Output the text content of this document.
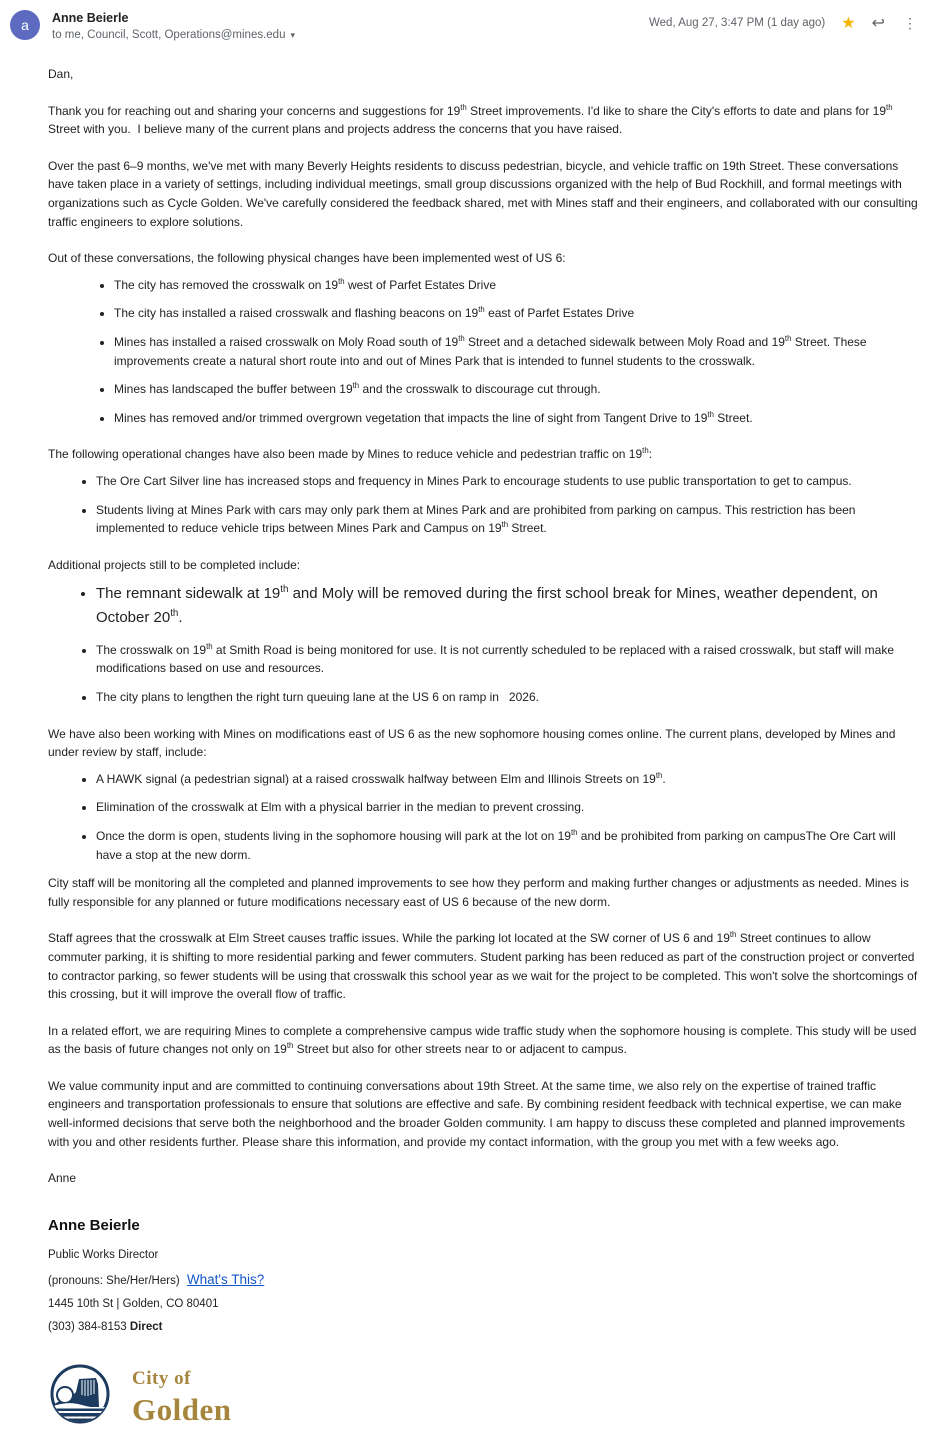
a Anne Beierle
to me, Council, Scott, Operations@mines.edu ▾
Wed, Aug 27, 3:47 PM (1 day ago) ★ ↩ ⋮

Dan,

Thank you for reaching out and sharing your concerns and suggestions for 19th Street improvements. I'd like to share the City's efforts to date and plans for 19th Street with you.  I believe many of the current plans and projects address the concerns that you have raised.

Over the past 6–9 months, we've met with many Beverly Heights residents to discuss pedestrian, bicycle, and vehicle traffic on 19th Street. These conversations have taken place in a variety of settings, including individual meetings, small group discussions organized with the help of Bud Rockhill, and formal meetings with organizations such as Cycle Golden. We've carefully considered the feedback shared, met with Mines staff and their engineers, and collaborated with our consulting traffic engineers to explore solutions.

Out of these conversations, the following physical changes have been implemented west of US 6:

• The city has removed the crosswalk on 19th west of Parfet Estates Drive
• The city has installed a raised crosswalk and flashing beacons on 19th east of Parfet Estates Drive
• Mines has installed a raised crosswalk on Moly Road south of 19th Street and a detached sidewalk between Moly Road and 19th Street. These improvements create a natural short route into and out of Mines Park that is intended to funnel students to the crosswalk.
• Mines has landscaped the buffer between 19th and the crosswalk to discourage cut through.
• Mines has removed and/or trimmed overgrown vegetation that impacts the line of sight from Tangent Drive to 19th Street.

The following operational changes have also been made by Mines to reduce vehicle and pedestrian traffic on 19th:

• The Ore Cart Silver line has increased stops and frequency in Mines Park to encourage students to use public transportation to get to campus.
• Students living at Mines Park with cars may only park them at Mines Park and are prohibited from parking on campus. This restriction has been implemented to reduce vehicle trips between Mines Park and Campus on 19th Street.

Additional projects still to be completed include:

• The remnant sidewalk at 19th and Moly will be removed during the first school break for Mines, weather dependent, on October 20th.
• The crosswalk on 19th at Smith Road is being monitored for use. It is not currently scheduled to be replaced with a raised crosswalk, but staff will make modifications based on use and resources.
• The city plans to lengthen the right turn queuing lane at the US 6 on ramp in   2026.

We have also been working with Mines on modifications east of US 6 as the new sophomore housing comes online. The current plans, developed by Mines and under review by staff, include:

• A HAWK signal (a pedestrian signal) at a raised crosswalk halfway between Elm and Illinois Streets on 19th.
• Elimination of the crosswalk at Elm with a physical barrier in the median to prevent crossing.
• Once the dorm is open, students living in the sophomore housing will park at the lot on 19th and be prohibited from parking on campusThe Ore Cart will have a stop at the new dorm.

City staff will be monitoring all the completed and planned improvements to see how they perform and making further changes or adjustments as needed. Mines is fully responsible for any planned or future modifications necessary east of US 6 because of the new dorm.

Staff agrees that the crosswalk at Elm Street causes traffic issues. While the parking lot located at the SW corner of US 6 and 19th Street continues to allow commuter parking, it is shifting to more residential parking and fewer commuters. Student parking has been reduced as part of the construction project or converted to contractor parking, so fewer students will be using that crosswalk this school year as we wait for the project to be completed. This won't solve the shortcomings of this crossing, but it will improve the overall flow of traffic.

In a related effort, we are requiring Mines to complete a comprehensive campus wide traffic study when the sophomore housing is complete. This study will be used as the basis of future changes not only on 19th Street but also for other streets near to or adjacent to campus.

We value community input and are committed to continuing conversations about 19th Street. At the same time, we also rely on the expertise of trained traffic engineers and transportation professionals to ensure that solutions are effective and safe. By combining resident feedback with technical expertise, we can make well-informed decisions that serve both the neighborhood and the broader Golden community. I am happy to discuss these completed and planned improvements with you and other residents further. Please share this information, and provide my contact information, with the group you met with a few weeks ago.

Anne

Anne Beierle
Public Works Director
(pronouns: She/Her/Hers) What's This?
1445 10th St | Golden, CO 80401
(303) 384-8153 Direct
City of
Golden
